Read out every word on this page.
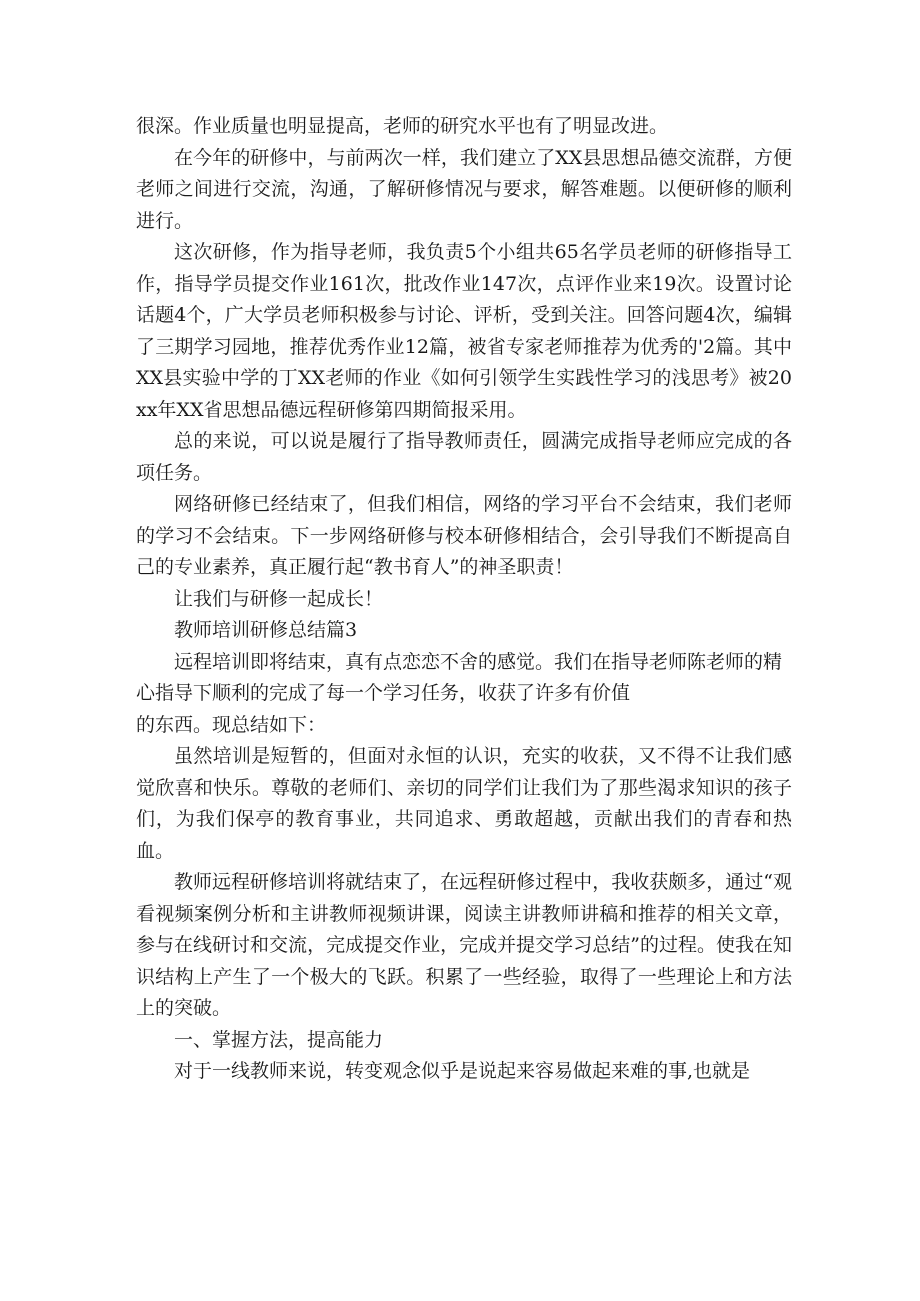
很深。作业质量也明显提高，老师的研究水平也有了明显改进。

在今年的研修中，与前两次一样，我们建立了XX县思想品德交流群，方便老师之间进行交流，沟通，了解研修情况与要求，解答难题。以便研修的顺利进行。

这次研修，作为指导老师，我负责5个小组共65名学员老师的研修指导工作，指导学员提交作业161次，批改作业147次，点评作业来19次。设置讨论话题4个，广大学员老师积极参与讨论、评析，受到关注。回答问题4次，编辑了三期学习园地，推荐优秀作业12篇，被省专家老师推荐为优秀的'2篇。其中XX县实验中学的丁XX老师的作业《如何引领学生实践性学习的浅思考》被20xx年XX省思想品德远程研修第四期简报采用。

总的来说，可以说是履行了指导教师责任，圆满完成指导老师应完成的各项任务。

网络研修已经结束了，但我们相信，网络的学习平台不会结束，我们老师的学习不会结束。下一步网络研修与校本研修相结合，会引导我们不断提高自己的专业素养，真正履行起“教书育人”的神圣职责！

让我们与研修一起成长！

教师培训研修总结篇3

远程培训即将结束，真有点恋恋不舍的感觉。我们在指导老师陈老师的精心指导下顺利的完成了每一个学习任务，收获了许多有价值

的东西。现总结如下：

虽然培训是短暂的，但面对永恒的认识，充实的收获，又不得不让我们感觉欣喜和快乐。尊敬的老师们、亲切的同学们让我们为了那些渴求知识的孩子们，为我们保亭的教育事业，共同追求、勇敢超越，贡献出我们的青春和热血。

教师远程研修培训将就结束了，在远程研修过程中，我收获颇多，通过“观看视频案例分析和主讲教师视频讲课，阅读主讲教师讲稿和推荐的相关文章，参与在线研讨和交流，完成提交作业，完成并提交学习总结”的过程。使我在知识结构上产生了一个极大的飞跃。积累了一些经验，取得了一些理论上和方法上的突破。

一、掌握方法，提高能力

对于一线教师来说，转变观念似乎是说起来容易做起来难的事,也就是
